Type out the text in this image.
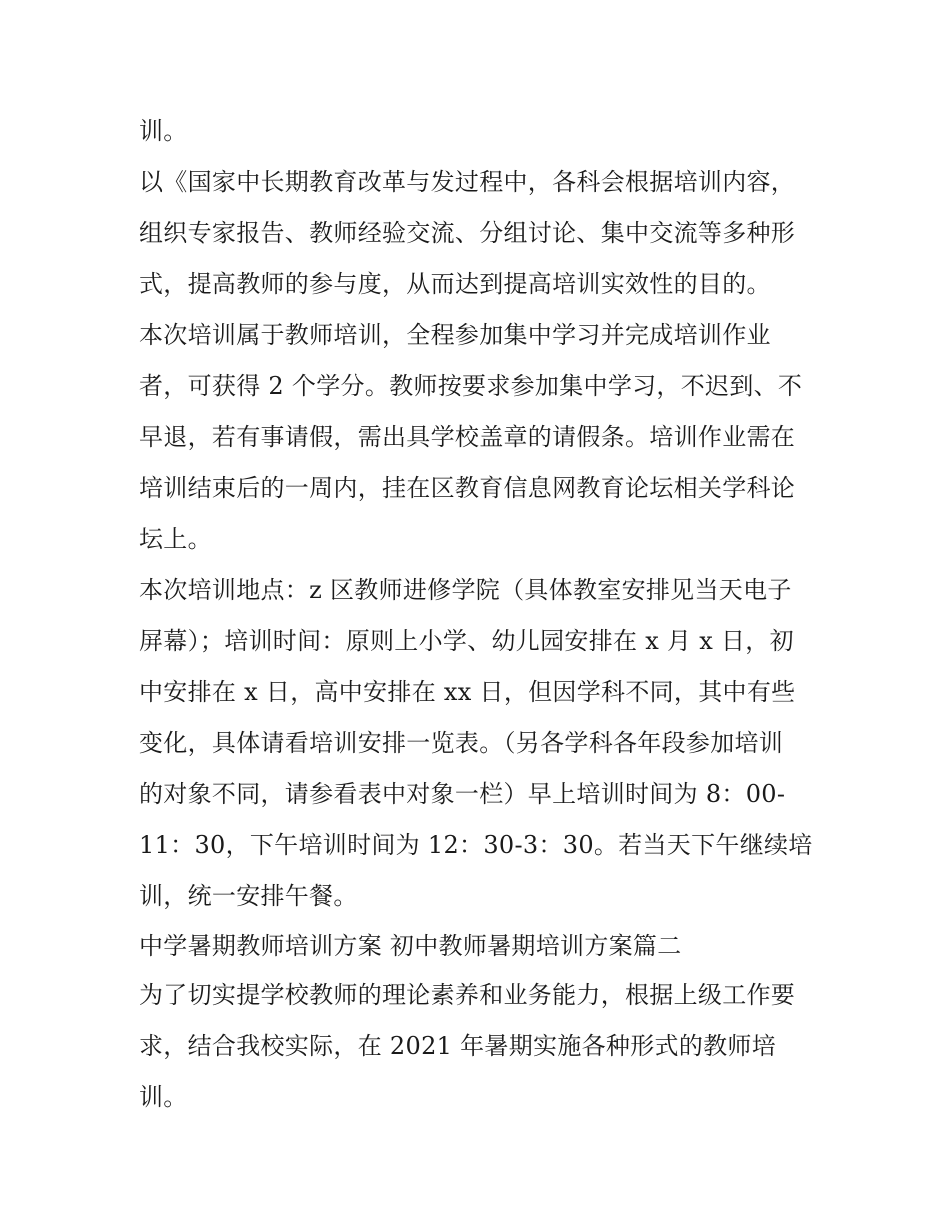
训。
以《国家中长期教育改革与发过程中，各科会根据培训内容，
组织专家报告、教师经验交流、分组讨论、集中交流等多种形
式，提高教师的参与度，从而达到提高培训实效性的目的。
本次培训属于教师培训，全程参加集中学习并完成培训作业
者，可获得 2 个学分。教师按要求参加集中学习，不迟到、不
早退，若有事请假，需出具学校盖章的请假条。培训作业需在
培训结束后的一周内，挂在区教育信息网教育论坛相关学科论
坛上。
本次培训地点：z 区教师进修学院（具体教室安排见当天电子
屏幕）；培训时间：原则上小学、幼儿园安排在 x 月 x 日，初
中安排在 x 日，高中安排在 xx 日，但因学科不同，其中有些
变化，具体请看培训安排一览表。（另各学科各年段参加培训
的对象不同，请参看表中对象一栏）早上培训时间为 8：00-
11：30，下午培训时间为 12：30-3：30。若当天下午继续培
训，统一安排午餐。
中学暑期教师培训方案 初中教师暑期培训方案篇二
为了切实提学校教师的理论素养和业务能力，根据上级工作要
求，结合我校实际，在 2021 年暑期实施各种形式的教师培
训。
